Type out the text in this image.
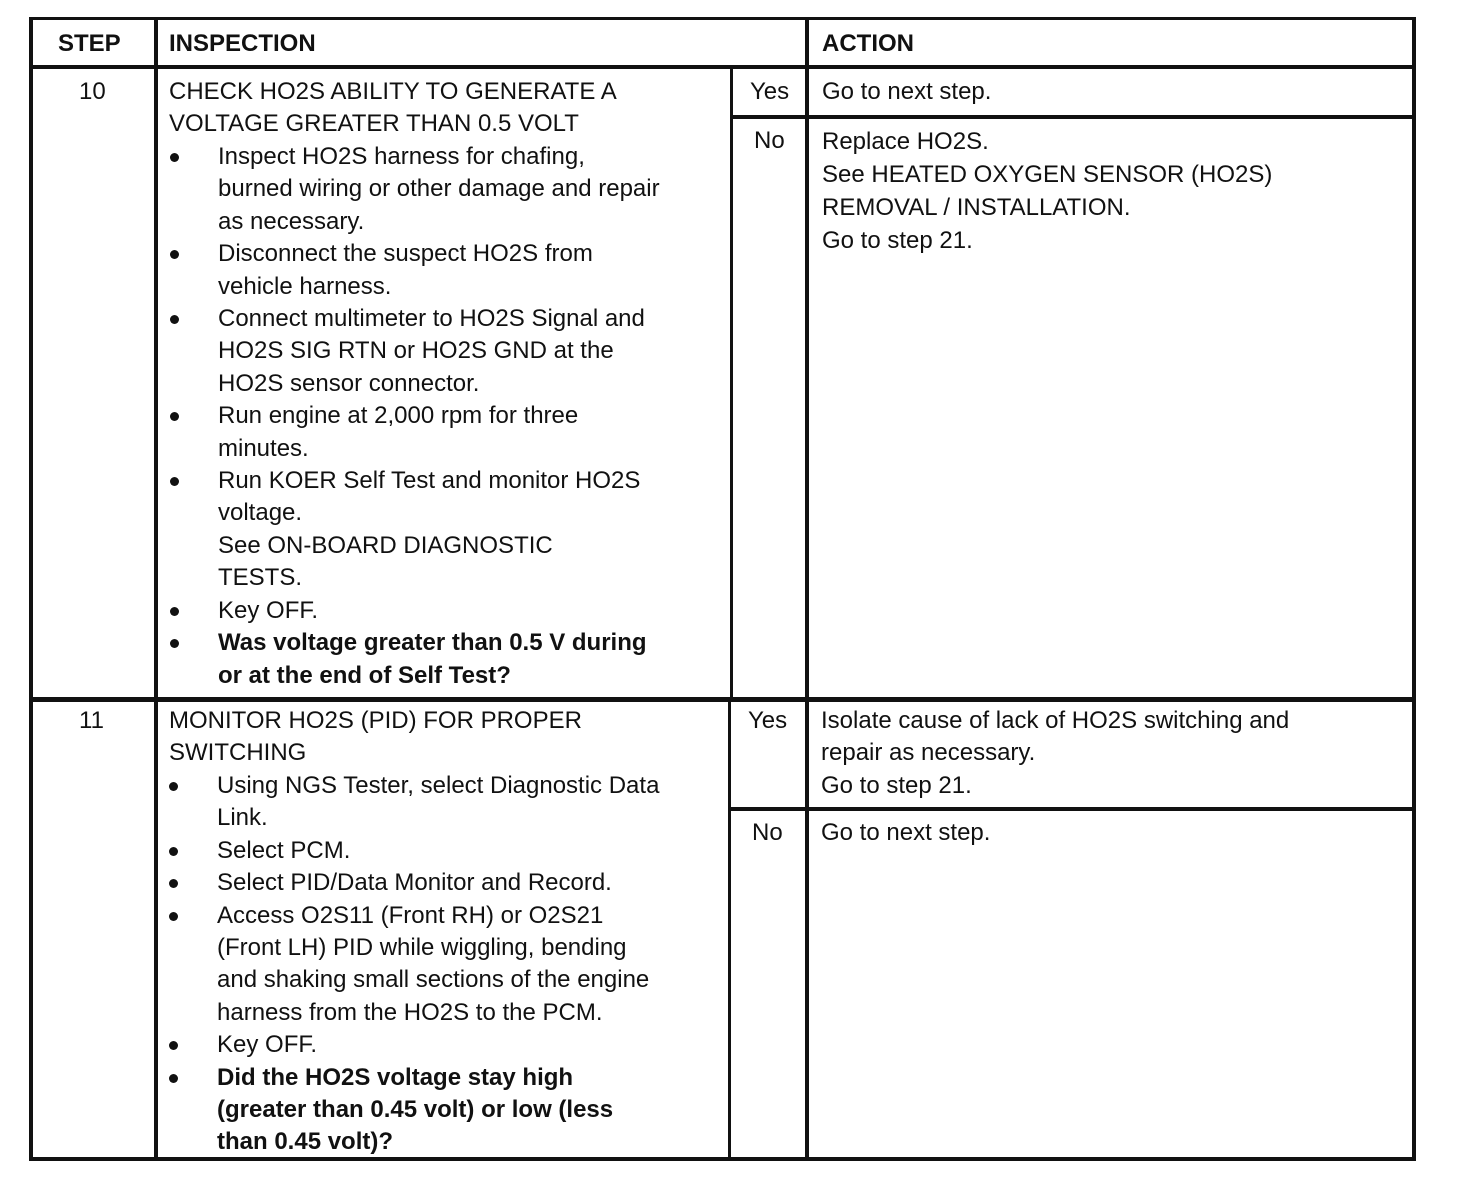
STEP INSPECTION	ACTION
10	CHECK HO2S ABILITY TO GENERATE A
VOLTAGE GREATER THAN 0.5 VOLT
Inspect HO2S harness for chafing,
burned wiring or other damage and repair
as necessary.
Disconnect the suspect HO2S from
vehicle harness.
Connect multimeter to HO2S Signal and
HO2S SIG RTN or HO2S GND at the
HO2S sensor connector.
Run engine at 2,000 rpm for three
minutes.
Run KOER Self Test and monitor HO2S
voltage.
See ON-BOARD DIAGNOSTIC
TESTS.
Key OFF.
Was voltage greater than 0.5 V during
or at the end of Self Test?
Yes Go to next step.
No Replace HO2S.
See HEATED OXYGEN SENSOR (HO2S)
REMOVAL / INSTALLATION.
Go to step 21.
11	MONITOR HO2S (PID) FOR PROPER
SWITCHING
Using NGS Tester, select Diagnostic Data
Link.
Select PCM.
Select PID/Data Monitor and Record.
Access O2S11 (Front RH) or O2S21
(Front LH) PID while wiggling, bending
and shaking small sections of the engine
harness from the HO2S to the PCM.
Key OFF.
Did the HO2S voltage stay high
(greater than 0.45 volt) or low (less
than 0.45 volt)?
Yes Isolate cause of lack of HO2S switching and
repair as necessary.
Go to step 21.
No Go to next step.
